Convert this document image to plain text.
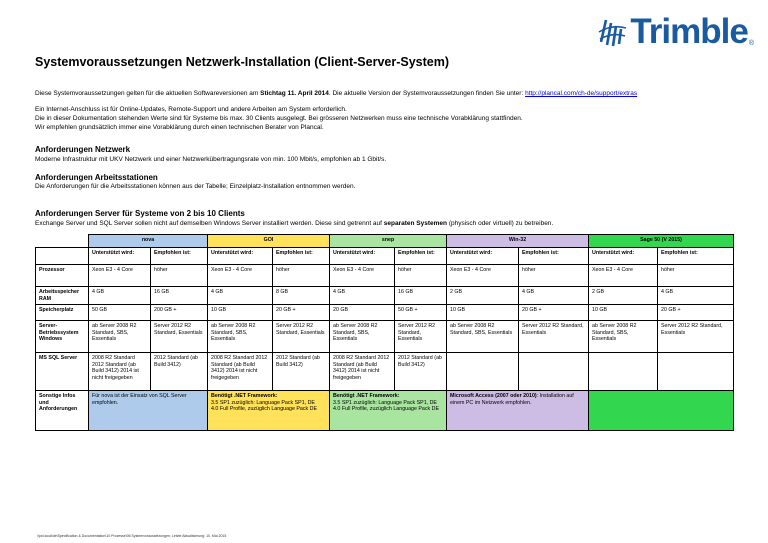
Trimble ®
Systemvoraussetzungen Netzwerk-Installation (Client-Server-System)
Diese Systemvoraussetzungen gelten für die aktuellen Softwareversionen am Stichtag 11. April 2014. Die aktuelle Version der Systemvoraussetzungen finden Sie unter: http://plancal.com/ch-de/support/extras
Ein Internet-Anschluss ist für Online-Updates, Remote-Support und andere Arbeiten am System erforderlich.
Die in dieser Dokumentation stehenden Werte sind für Systeme bis max. 30 Clients ausgelegt. Bei grösseren Netzwerken muss eine technische Vorabklärung stattfinden.
Wir empfehlen grundsätzlich immer eine Vorabklärung durch einen technischen Berater von Plancal.
Anforderungen Netzwerk
Moderne Infrastruktur mit UKV Netzwerk und einer Netzwerkübertragungsrate von min. 100 Mbit/s, empfohlen ab 1 Gbit/s.
Anforderungen Arbeitsstationen
Die Anforderungen für die Arbeitsstationen können aus der Tabelle; Einzelplatz-Installation entnommen werden.
Anforderungen Server für Systeme von 2 bis 10 Clients
Exchange Server und SQL Server sollen nicht auf demselben Windows Server installiert werden. Diese sind getrennt auf separaten Systemen (physisch oder virtuell) zu betreiben.
	nova		GOI		snep		Win-32		Sage 50 (V 2015)	
	Unterstützt wird:	Empfohlen ist:	Unterstützt wird:	Empfohlen ist:	Unterstützt wird:	Empfohlen ist:	Unterstützt wird:	Empfohlen ist:	Unterstützt wird:	Empfohlen ist:
Prozessor	Xeon E3 - 4 Core	höher	Xeon E3 - 4 Core	höher	Xeon E3 - 4 Core	höher	Xeon E3 - 4 Core	höher	Xeon E3 - 4 Core	höher
Arbeitsspeicher RAM	4 GB	16 GB	4 GB	8 GB	4 GB	16 GB	2 GB	4 GB	2 GB	4 GB
Speicherplatz	50 GB	200 GB +	10 GB	20 GB +	20 GB	50 GB +	10 GB	20 GB +	10 GB	20 GB +
Server-Betriebssystem Windows	ab Server 2008 R2 Standard, SBS, Essentials	Server 2012 R2 Standard, Essentials	ab Server 2008 R2 Standard, SBS, Essentials	Server 2012 R2 Standard, Essentials	ab Server 2008 R2 Standard, SBS, Essentials	Server 2012 R2 Standard, Essentials	ab Server 2008 R2 Standard, SBS, Essentials	Server 2012 R2 Standard, Essentials	ab Server 2008 R2 Standard, SBS, Essentials	Server 2012 R2 Standard, Essentials
MS SQL Server	2008 R2 Standard 2012 Standard (ab Build 3412) 2014 ist nicht freigegeben	2012 Standard (ab Build 3412)	2008 R2 Standard 2012 Standard (ab Build 3412) 2014 ist nicht freigegeben	2012 Standard (ab Build 3412)	2008 R2 Standard 2012 Standard (ab Build 3412) 2014 ist nicht freigegeben	2012 Standard (ab Build 3412)				
Sonstige Infos und Anforderungen	Für nova ist der Einsatz von SQL Server empfohlen.		Benötigt .NET Framework:
3.5 SP1 zuzüglich: Language Pack SP1, DE
4.0 Full Profile, zuzüglich Language Pack DE		Benötigt .NET Framework:
3.5 SP1 zuzüglich: Language Pack SP1, DE
4.0 Full Profile, zuzüglich Language Pack DE		Microsoft Access (2007 oder 2010): Installation auf einem PC im Netzwerk empfohlen.			
\\pct.local\de\Specification & Documentation\10 Prozesse\06 Systemvoraussetzungen; Letzte Aktualisierung: 10. Mai 2015
